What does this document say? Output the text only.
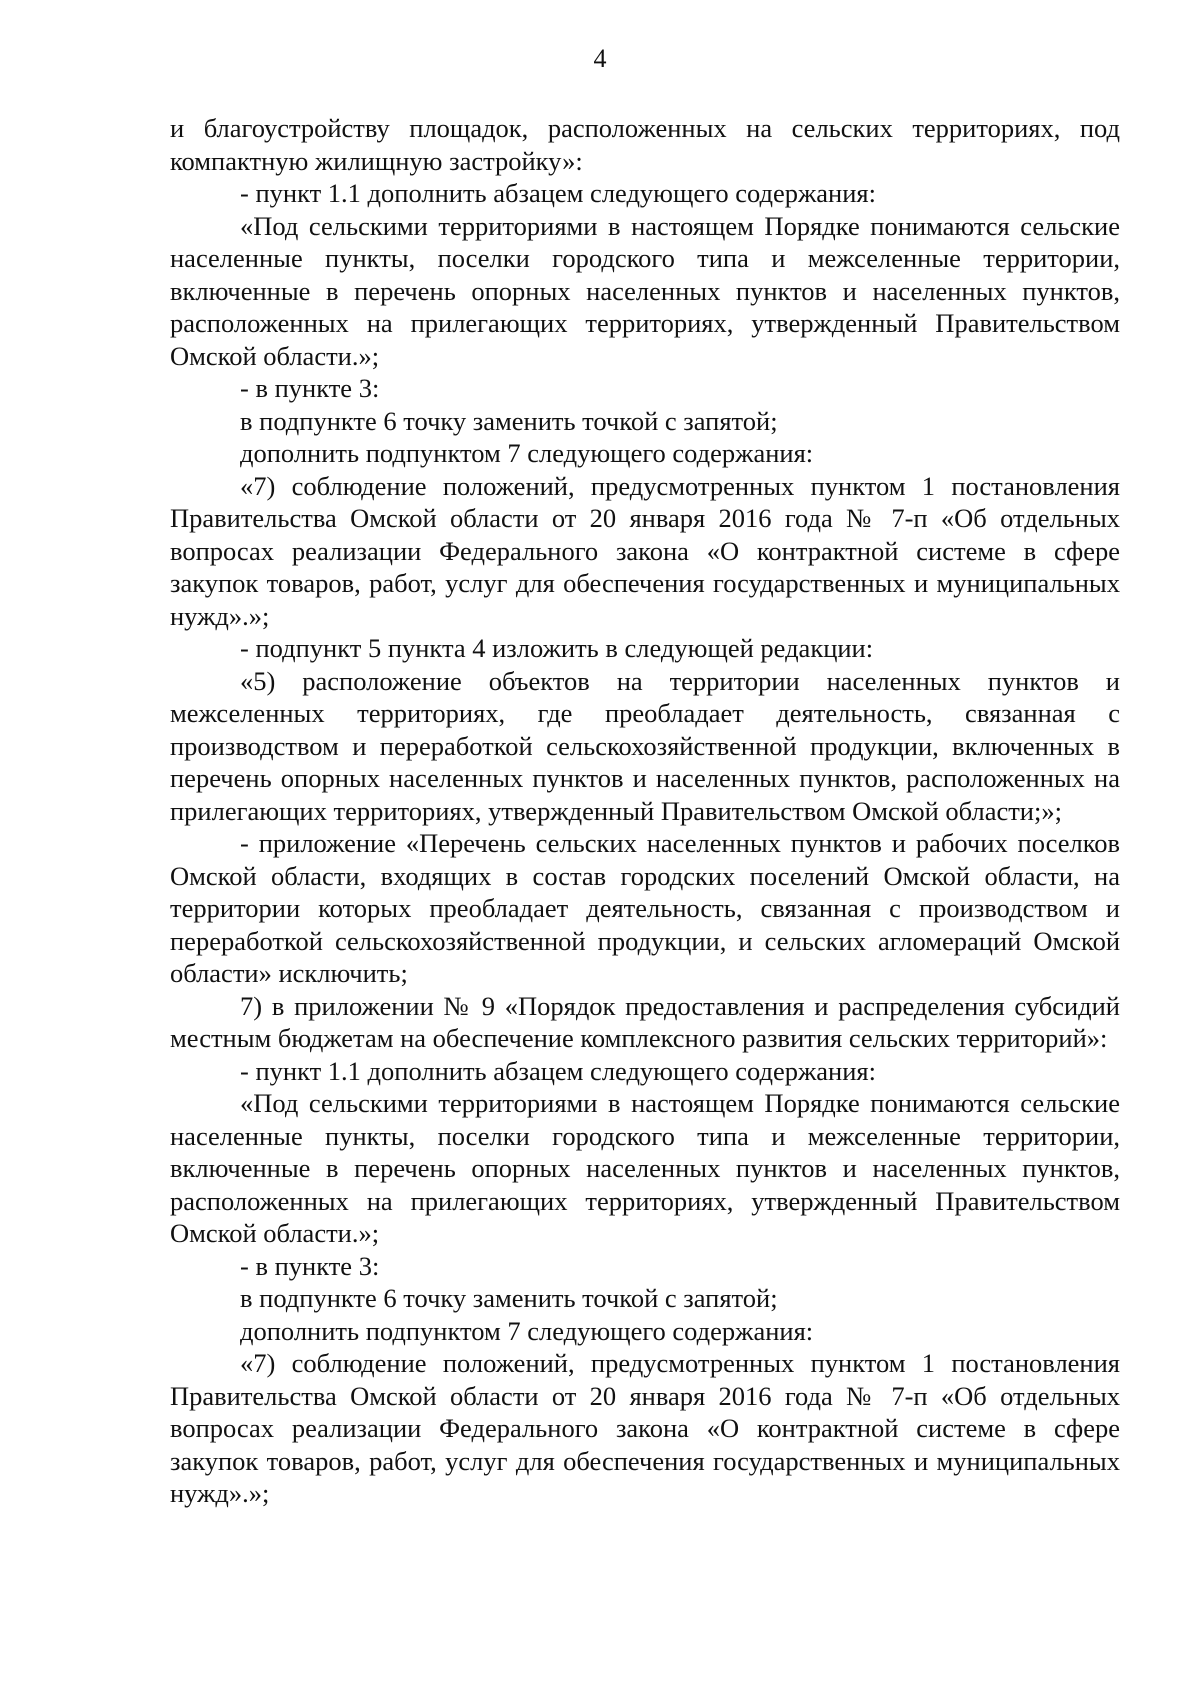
4

и благоустройству площадок, расположенных на сельских территориях, под компактную жилищную застройку»:

- пункт 1.1 дополнить абзацем следующего содержания:

«Под сельскими территориями в настоящем Порядке понимаются сельские населенные пункты, поселки городского типа и межселенные территории, включенные в перечень опорных населенных пунктов и населенных пунктов, расположенных на прилегающих территориях, утвержденный Правительством Омской области.»;

- в пункте 3:

в подпункте 6 точку заменить точкой с запятой;

дополнить подпунктом 7 следующего содержания:

«7) соблюдение положений, предусмотренных пунктом 1 постановления Правительства Омской области от 20 января 2016 года № 7-п «Об отдельных вопросах реализации Федерального закона «О контрактной системе в сфере закупок товаров, работ, услуг для обеспечения государственных и муниципальных нужд».»;

- подпункт 5 пункта 4 изложить в следующей редакции:

«5) расположение объектов на территории населенных пунктов и межселенных территориях, где преобладает деятельность, связанная с производством и переработкой сельскохозяйственной продукции, включенных в перечень опорных населенных пунктов и населенных пунктов, расположенных на прилегающих территориях, утвержденный Правительством Омской области;»;

- приложение «Перечень сельских населенных пунктов и рабочих поселков Омской области, входящих в состав городских поселений Омской области, на территории которых преобладает деятельность, связанная с производством и переработкой сельскохозяйственной продукции, и сельских агломераций Омской области» исключить;

7) в приложении № 9 «Порядок предоставления и распределения субсидий местным бюджетам на обеспечение комплексного развития сельских территорий»:

- пункт 1.1 дополнить абзацем следующего содержания:

«Под сельскими территориями в настоящем Порядке понимаются сельские населенные пункты, поселки городского типа и межселенные территории, включенные в перечень опорных населенных пунктов и населенных пунктов, расположенных на прилегающих территориях, утвержденный Правительством Омской области.»;

- в пункте 3:

в подпункте 6 точку заменить точкой с запятой;

дополнить подпунктом 7 следующего содержания:

«7) соблюдение положений, предусмотренных пунктом 1 постановления Правительства Омской области от 20 января 2016 года № 7-п «Об отдельных вопросах реализации Федерального закона «О контрактной системе в сфере закупок товаров, работ, услуг для обеспечения государственных и муниципальных нужд».»;
